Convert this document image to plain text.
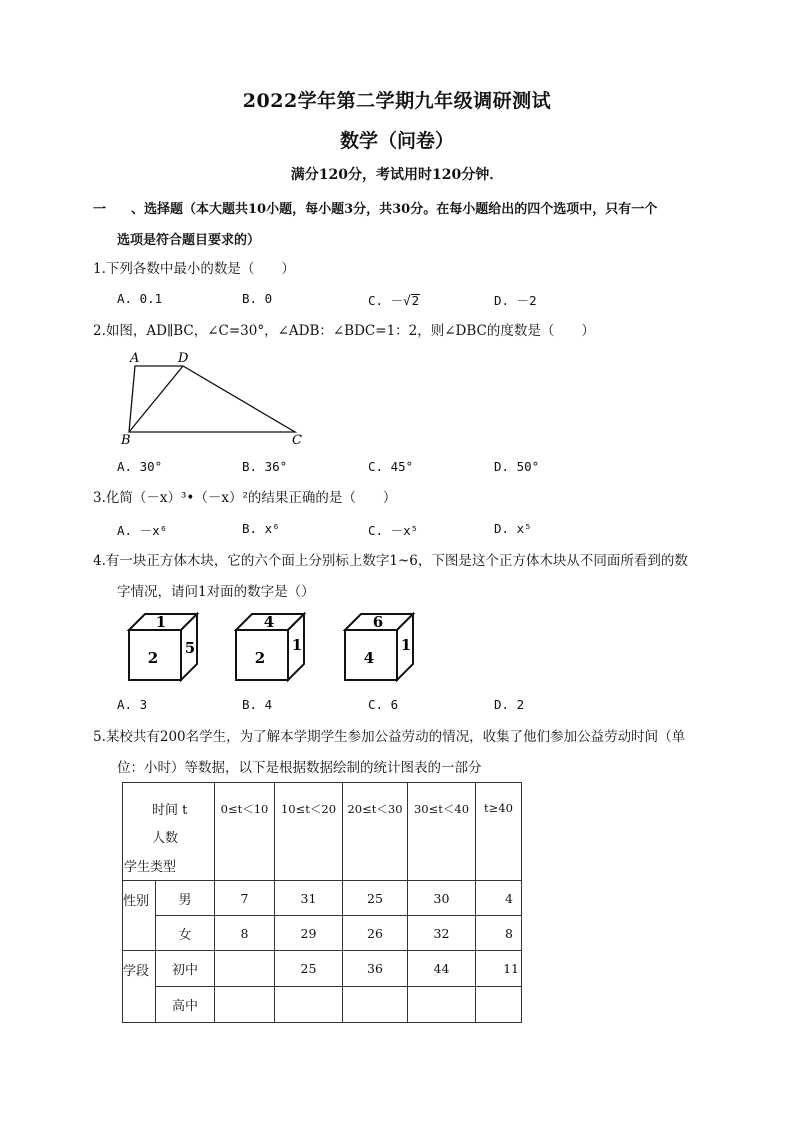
2022学年第二学期九年级调研测试
数学（问卷）
满分120分，考试用时120分钟．
一 、选择题（本大题共10小题，每小题3分，共30分。在每小题给出的四个选项中，只有一个
选项是符合题目要求的）
1.下列各数中最小的数是（　　）
A. 0.1	B. 0	C. －√2	D. －2
2.如图，AD∥BC，∠C=30°，∠ADB：∠BDC=1：2，则∠DBC的度数是（　　）
A	D
B	C
A. 30°	B. 36°	C. 45°	D. 50°
3.化简（－x）³•（－x）²的结果正确的是（　　）
A. －x⁶	B. x⁶	C. －x⁵	D. x⁵
4.有一块正方体木块，它的六个面上分别标上数字1~6，下图是这个正方体木块从不同面所看到的数
字情况，请问1对面的数字是（）
1
2
5
4
2
1
6
4
1
A. 3	B. 4	C. 6	D. 2
5.某校共有200名学生，为了解本学期学生参加公益劳动的情况，收集了他们参加公益劳动时间（单
位：小时）等数据，以下是根据数据绘制的统计图表的一部分
时间 t
人数
学生类型		0≤t＜10	10≤t＜20	20≤t＜30	30≤t＜40	t≥40
性别	男	7	31	25	30	4
	女	8	29	26	32	8
学段	初中		25	36	44	11
	高中					
